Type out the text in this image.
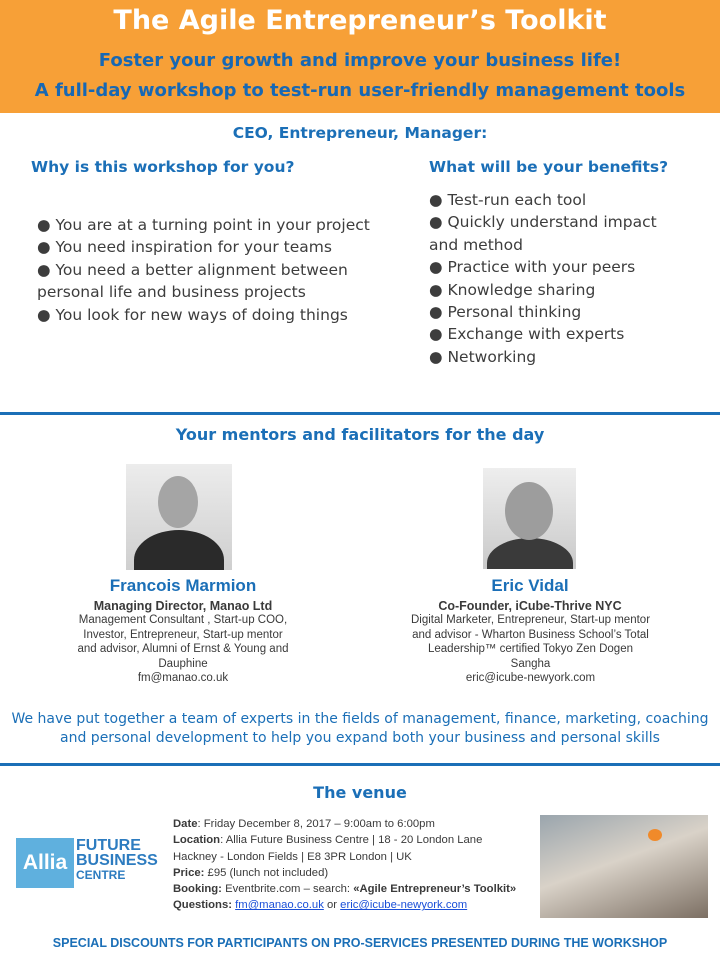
The Agile Entrepreneur’s Toolkit
Foster your growth and improve your business life!
A full-day workshop to test-run user-friendly management tools
CEO, Entrepreneur, Manager:
Why is this workshop for you?
● You are at a turning point in your project
● You need inspiration for your teams
● You need a better alignment between personal life and business projects
● You look for new ways of doing things
What will be your benefits?
● Test-run each tool
● Quickly understand impact and method
● Practice with your peers
● Knowledge sharing
● Personal thinking
● Exchange with experts
● Networking
Your mentors and facilitators for the day
Francois Marmion
Managing Director, Manao Ltd
Management Consultant , Start-up COO, Investor, Entrepreneur, Start-up mentor and advisor, Alumni of Ernst & Young and Dauphine
fm@manao.co.uk
Eric Vidal
Co-Founder, iCube-Thrive NYC
Digital Marketer, Entrepreneur, Start-up mentor and advisor - Wharton Business School’s Total Leadership™ certified Tokyo Zen Dogen Sangha
eric@icube-newyork.com
We have put together a team of experts in the fields of management, finance, marketing, coaching and personal development to help you expand both your business and personal skills
The venue
Allia
FUTURE
BUSINESS
CENTRE
Date: Friday December 8, 2017 – 9:00am to 6:00pm
Location: Allia Future Business Centre | 18 - 20 London Lane
Hackney - London Fields | E8 3PR London | UK
Price: £95 (lunch not included)
Booking: Eventbrite.com – search: «Agile Entrepreneur’s Toolkit»
Questions: fm@manao.co.uk or eric@icube-newyork.com
SPECIAL DISCOUNTS FOR PARTICIPANTS ON PRO-SERVICES PRESENTED DURING THE WORKSHOP
